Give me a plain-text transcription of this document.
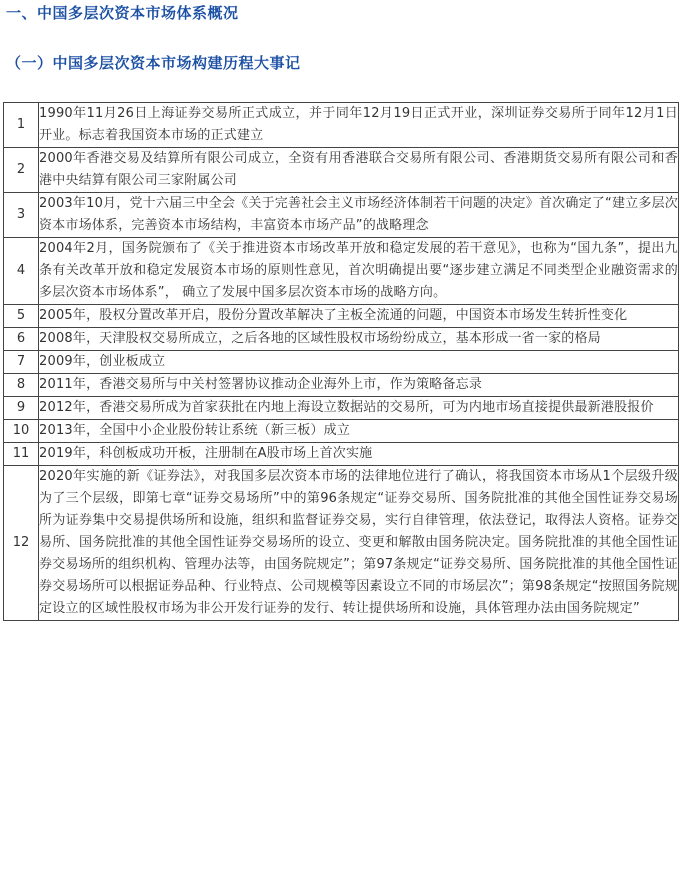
一、中国多层次资本市场体系概况
（一）中国多层次资本市场构建历程大事记
1	1990年11月26日上海证券交易所正式成立，并于同年12月19日正式开业，深圳证券交易所于同年12月1日开业。标志着我国资本市场的正式建立
2	2000年香港交易及结算所有限公司成立，全资有用香港联合交易所有限公司、香港期货交易所有限公司和香港中央结算有限公司三家附属公司
3	2003年10月，党十六届三中全会《关于完善社会主义市场经济体制若干问题的决定》首次确定了“建立多层次资本市场体系，完善资本市场结构，丰富资本市场产品”的战略理念
4	2004年2月，国务院颁布了《关于推进资本市场改革开放和稳定发展的若干意见》，也称为“国九条”，提出九条有关改革开放和稳定发展资本市场的原则性意见，首次明确提出要“逐步建立满足不同类型企业融资需求的多层次资本市场体系”， 确立了发展中国多层次资本市场的战略方向。
5	2005年，股权分置改革开启，股份分置改革解决了主板全流通的问题，中国资本市场发生转折性变化
6	2008年，天津股权交易所成立，之后各地的区域性股权市场纷纷成立，基本形成一省一家的格局
7	2009年，创业板成立
8	2011年，香港交易所与中关村签署协议推动企业海外上市，作为策略备忘录
9	2012年，香港交易所成为首家获批在内地上海设立数据站的交易所，可为内地市场直接提供最新港股报价
10	2013年，全国中小企业股份转让系统（新三板）成立
11	2019年，科创板成功开板，注册制在A股市场上首次实施
12	2020年实施的新《证券法》，对我国多层次资本市场的法律地位进行了确认，将我国资本市场从1个层级升级为了三个层级，即第七章“证券交易场所”中的第96条规定“证券交易所、国务院批准的其他全国性证券交易场所为证券集中交易提供场所和设施，组织和监督证券交易，实行自律管理，依法登记，取得法人资格。证券交易所、国务院批准的其他全国性证券交易场所的设立、变更和解散由国务院决定。国务院批准的其他全国性证券交易场所的组织机构、管理办法等，由国务院规定”；第97条规定“证券交易所、国务院批准的其他全国性证券交易场所可以根据证券品种、行业特点、公司规模等因素设立不同的市场层次”；第98条规定“按照国务院规定设立的区域性股权市场为非公开发行证券的发行、转让提供场所和设施，具体管理办法由国务院规定”
